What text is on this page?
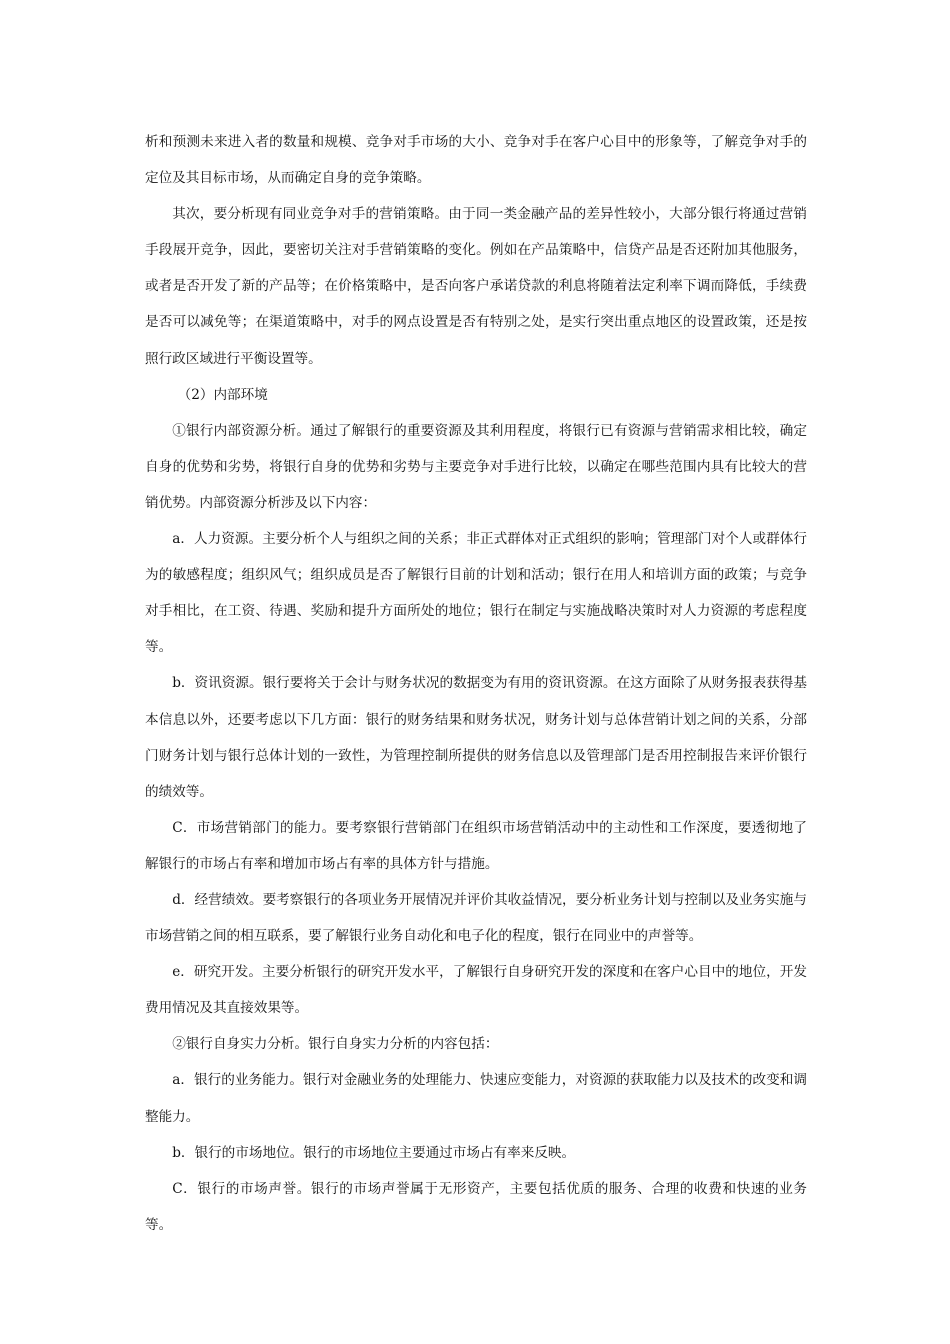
析和预测未来进入者的数量和规模、竞争对手市场的大小、竞争对手在客户心目中的形象等，了解竞争对手的定位及其目标市场，从而确定自身的竞争策略。

其次，要分析现有同业竞争对手的营销策略。由于同一类金融产品的差异性较小，大部分银行将通过营销手段展开竞争，因此，要密切关注对手营销策略的变化。例如在产品策略中，信贷产品是否还附加其他服务，或者是否开发了新的产品等；在价格策略中，是否向客户承诺贷款的利息将随着法定利率下调而降低，手续费是否可以减免等；在渠道策略中，对手的网点设置是否有特别之处，是实行突出重点地区的设置政策，还是按照行政区域进行平衡设置等。

（2）内部环境

①银行内部资源分析。通过了解银行的重要资源及其利用程度，将银行已有资源与营销需求相比较，确定自身的优势和劣势，将银行自身的优势和劣势与主要竞争对手进行比较，以确定在哪些范围内具有比较大的营销优势。内部资源分析涉及以下内容：

a．人力资源。主要分析个人与组织之间的关系；非正式群体对正式组织的影响；管理部门对个人或群体行为的敏感程度；组织风气；组织成员是否了解银行目前的计划和活动；银行在用人和培训方面的政策；与竞争对手相比，在工资、待遇、奖励和提升方面所处的地位；银行在制定与实施战略决策时对人力资源的考虑程度等。

b．资讯资源。银行要将关于会计与财务状况的数据变为有用的资讯资源。在这方面除了从财务报表获得基本信息以外，还要考虑以下几方面：银行的财务结果和财务状况，财务计划与总体营销计划之间的关系，分部门财务计划与银行总体计划的一致性，为管理控制所提供的财务信息以及管理部门是否用控制报告来评价银行的绩效等。

C．市场营销部门的能力。要考察银行营销部门在组织市场营销活动中的主动性和工作深度，要透彻地了解银行的市场占有率和增加市场占有率的具体方针与措施。

d．经营绩效。要考察银行的各项业务开展情况并评价其收益情况，要分析业务计划与控制以及业务实施与市场营销之间的相互联系，要了解银行业务自动化和电子化的程度，银行在同业中的声誉等。

e．研究开发。主要分析银行的研究开发水平，了解银行自身研究开发的深度和在客户心目中的地位，开发费用情况及其直接效果等。

②银行自身实力分析。银行自身实力分析的内容包括：

a．银行的业务能力。银行对金融业务的处理能力、快速应变能力，对资源的获取能力以及技术的改变和调整能力。

b．银行的市场地位。银行的市场地位主要通过市场占有率来反映。

C．银行的市场声誉。银行的市场声誉属于无形资产，主要包括优质的服务、合理的收费和快速的业务等。
